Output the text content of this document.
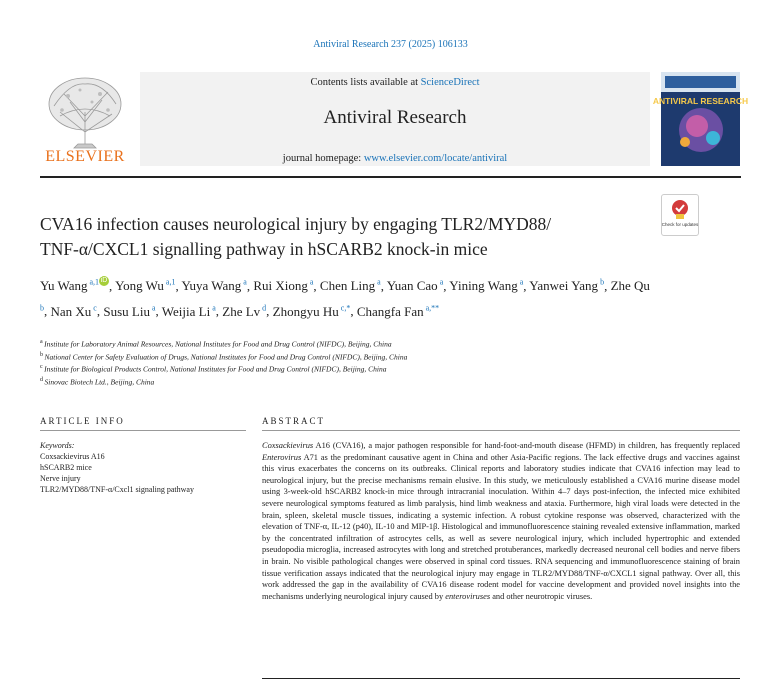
Antiviral Research 237 (2025) 106133
Contents lists available at ScienceDirect
Antiviral Research
journal homepage: www.elsevier.com/locate/antiviral
ELSEVIER
ANTIVIRAL RESEARCH
CVA16 infection causes neurological injury by engaging TLR2/MYD88/
TNF-α/CXCL1 signalling pathway in hSCARB2 knock-in mice
Check for updates
Yu Wang $^{a,1}$ iD , Yong Wu $^{a,1}$, Yuya Wang $^a$, Rui Xiong $^a$, Chen Ling $^a$, Yuan Cao $^a$, Yining Wang $^a$, Yanwei Yang $^b$, Zhe Qu $^b$, Nan Xu $^c$, Susu Liu $^a$, Weijia Li $^a$, Zhe Lv $^d$, Zhongyu Hu $^{c,*}$, Changfa Fan $^{a,**}$
$^a$ Institute for Laboratory Animal Resources, National Institutes for Food and Drug Control (NIFDC), Beijing, China
$^b$ National Center for Safety Evaluation of Drugs, National Institutes for Food and Drug Control (NIFDC), Beijing, China
$^c$ Institute for Biological Products Control, National Institutes for Food and Drug Control (NIFDC), Beijing, China
$^d$ Sinovac Biotech Ltd., Beijing, China
ARTICLE INFO	ABSTRACT
Keywords:
Coxsackievirus A16
hSCARB2 mice
Nerve injury
TLR2/MYD88/TNF-α/Cxcl1 signaling pathway
Coxsackievirus A16 (CVA16), a major pathogen responsible for hand-foot-and-mouth disease (HFMD) in children, has frequently replaced Enterovirus A71 as the predominant causative agent in China and other Asia-Pacific regions. The lack effective drugs and vaccines against this virus exacerbates the concerns on its outbreaks. Clinical reports and laboratory studies indicate that CVA16 infection may lead to neurological injury, but the precise mechanisms remain elusive. In this study, we meticulously established a CVA16 murine disease model using 3-week-old hSCARB2 knock-in mice through intracranial inoculation. Within 4–7 days post-infection, the infected mice exhibited severe neurological symptoms featured as limb paralysis, hind limb weakness and ataxia. Furthermore, high viral loads were detected in the brain, spleen, skeletal muscle tissues, indicating a systemic infection. A robust cytokine response was observed, characterized with the elevation of TNF-α, IL-12 (p40), IL-10 and MIP-1β. Histological and immunofluorescence staining revealed extensive inflammation, marked by the concentrated infiltration of astrocytes cells, as well as severe neurological injury, which included hypertrophic and extended pseudopodia microglia, increased astrocytes with long and stretched protuberances, markedly decreased neuronal cell bodies and nerve fibers in brain. No visible pathological changes were observed in spinal cord tissues. RNA sequencing and immunofluorescence staining of brain tissue verification assays indicated that the neurological injury may engage in TLR2/MYD88/TNF-α/CXCL1 signal pathway. Over all, this work addressed the gap in the availability of CVA16 disease rodent model for vaccine development and provided novel insights into the mechanisms underlying neurological injury caused by enteroviruses and other neurotropic viruses.
